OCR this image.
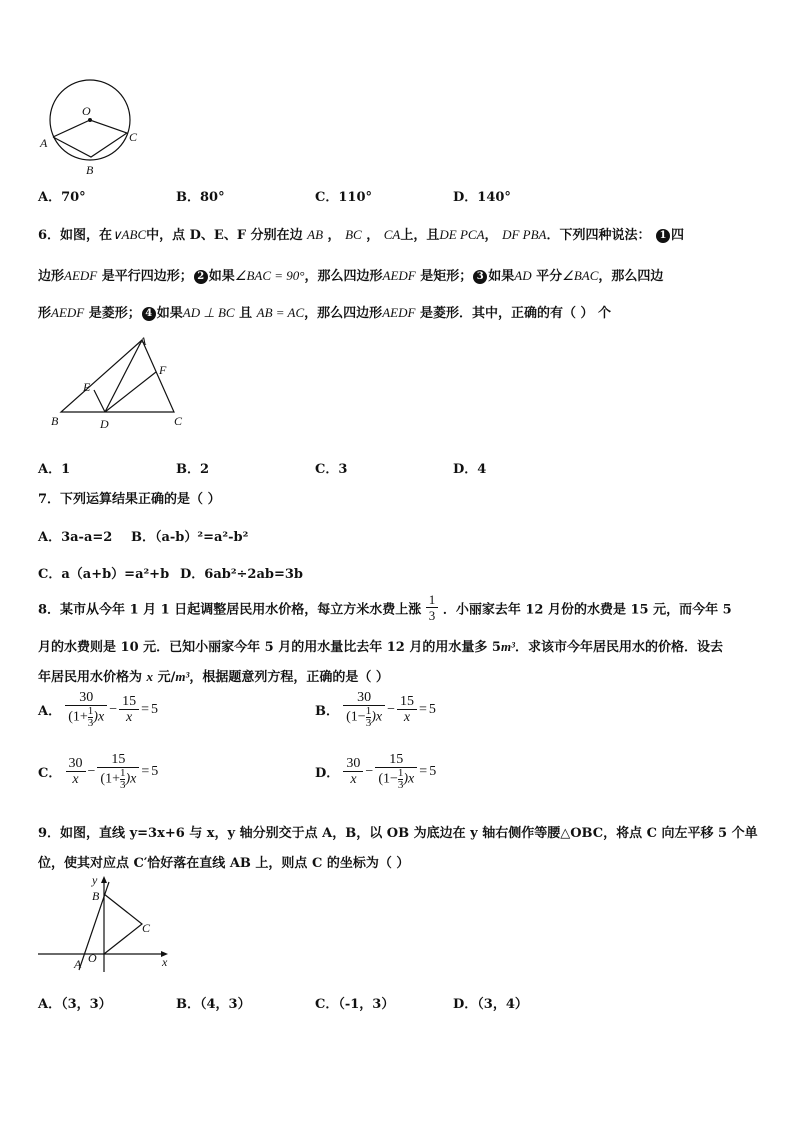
O
A
B
C
A．70°	B．80°	C．110°	D．140°
6．如图，在∨ABC中，点 D、E、F 分别在边 AB ， BC ， CA上，且DE PCA， DF PBA．下列四种说法： 1 四
边形AEDF 是平行四边形； 2 如果∠BAC = 90°，那么四边形AEDF 是矩形； 3 如果AD 平分∠BAC，那么四边
形AEDF 是菱形； 4 如果AD ⊥ BC 且 AB = AC，那么四边形AEDF 是菱形．其中，正确的有（ ） 个
A
E
F
B	D	C
A．1	B．2	C．3	D．4
7．下列运算结果正确的是（ ）
A．3a-a=2 B．（a-b）²=a²-b²
C．a（a+b）=a²+b D．6ab²÷2ab=3b
8．某市从今年 1 月 1 日起调整居民用水价格，每立方米水费上涨 $\frac{1}{3}$ ．小丽家去年 12 月份的水费是 15 元，而今年 5
月的水费则是 10 元．已知小丽家今年 5 月的用水量比去年 12 月的用水量多 5m³．求该市今年居民用水的价格．设去
年居民用水价格为 x 元/m³，根据题意列方程，正确的是（ ）
A． $\frac{30}{(1+ \frac{1}{3} )x} - \frac{15}{x} = 5$	B． $\frac{30}{(1- \frac{1}{3} )x} - \frac{15}{x} = 5$
C． $\frac{30}{x} - \frac{15}{(1+ \frac{1}{3} )x} = 5$	D． $\frac{30}{x} - \frac{15}{(1- \frac{1}{3} )x} = 5$
9．如图，直线 y=3x+6 与 x，y 轴分别交于点 A，B，以 OB 为底边在 y 轴右侧作等腰△OBC，将点 C 向左平移 5 个单
位，使其对应点 C′恰好落在直线 AB 上，则点 C 的坐标为（ ）
y
B
C
A O	x
A．（3，3）	B．（4，3）	C．（-1，3）	D．（3，4）
